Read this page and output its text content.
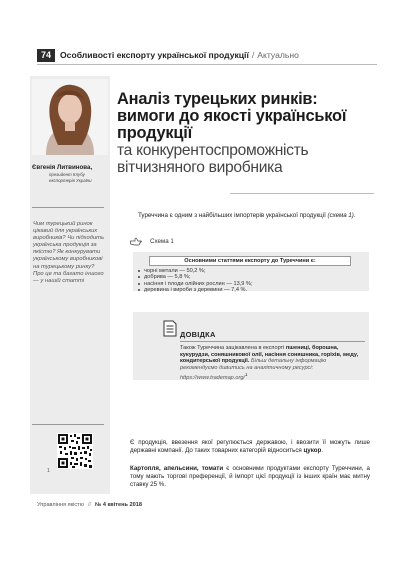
74	Особливості експорту української продукції / Актуально
Євгенія Литвинова,
президент Клубу експортерів України
Чим турецький ринок цікавий для українських виробників? Чи підходить українська продукція за якістю? Як конкурувати українському виробникові на турецькому ринку? Про це та багато іншого — у нашій статті
1
Аналіз турецьких ринків: вимоги до якості української продукції
та конкурентоспроможність вітчизняного виробника
Туреччина є одним з найбільших імпортерів української продукції (схема 1).
Схема 1
Основними статтями експорту до Туреччини є:
чорні метали — 50,2 %;
добрива — 5,8 %;
насіння і плоди олійних рослин — 13,9 %;
деревина і вироби з деревини — 7,4 %.
ДОВІДКА
Також Туреччина зацікавлена в експорті пшениці, борошна, кукурудзи, соняшникової олії, насіння соняшника, горіхів, меду, кондитерської продукції. Більш детальну інформацію рекомендуємо дивитись на аналітичному ресурсі: https://www.trademap.org/$^1$
Є продукція, ввезення якої регулюється державою, і ввозити її можуть лише державні компанії. До таких товарних категорій відноситься цукор.
Картопля, апельсини, томати є основними продуктами експорту Туреччини, а тому мають торгові преференції, й імпорт цієї продукції із інших країн має митну ставку 25 %.
Управління якістю // № 4 квітень 2018
